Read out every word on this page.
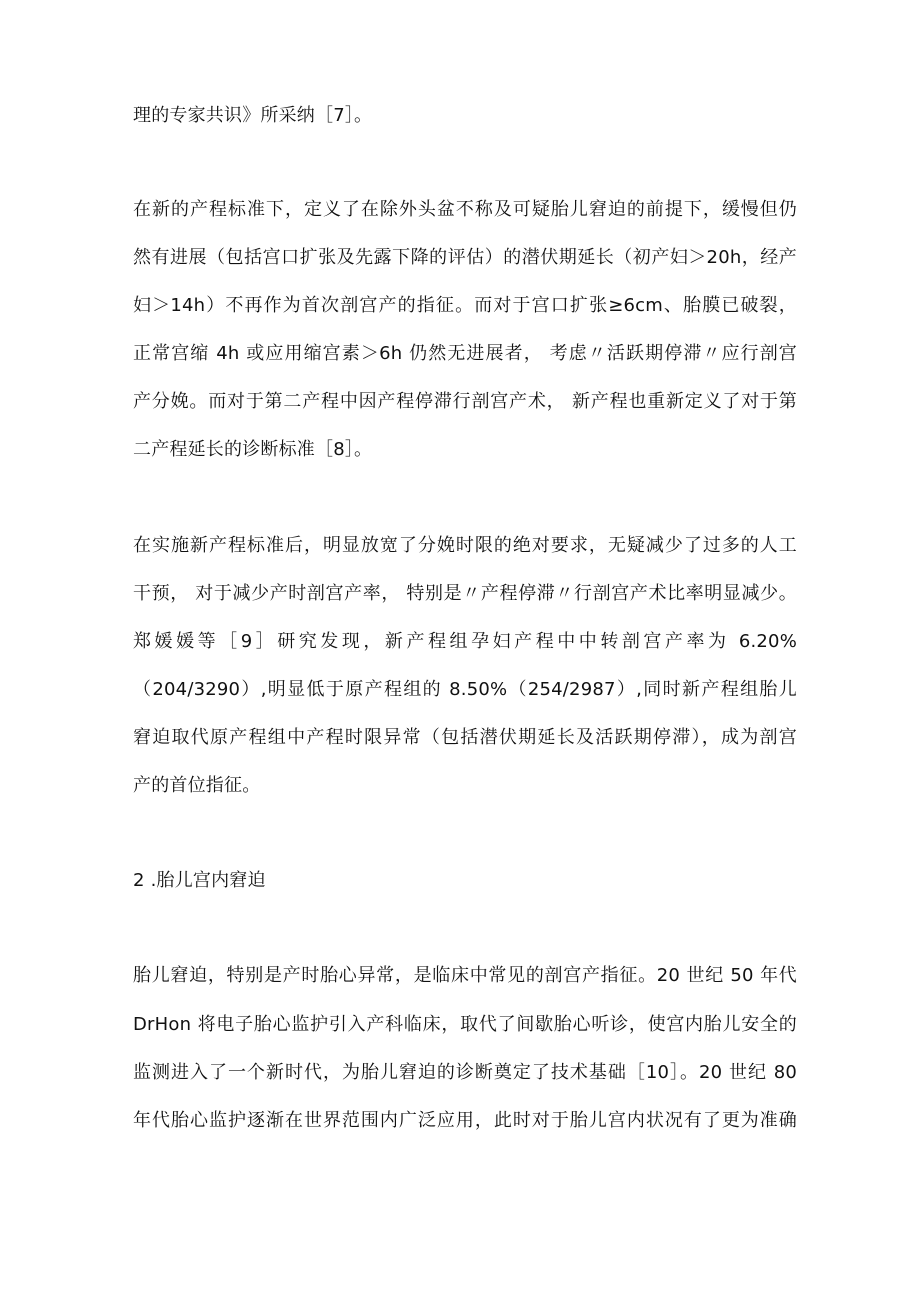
理的专家共识》所采纳［7］。
在新的产程标准下，定义了在除外头盆不称及可疑胎儿窘迫的前提下，缓慢但仍
然有进展（包括宫口扩张及先露下降的评估）的潜伏期延长（初产妇＞20h，经产
妇＞14h）不再作为首次剖宫产的指征。而对于宫口扩张≥6cm、胎膜已破裂，
正常宫缩 4h 或应用缩宫素＞6h 仍然无进展者， 考虑〃活跃期停滞〃应行剖宫
产分娩。而对于第二产程中因产程停滞行剖宫产术， 新产程也重新定义了对于第
二产程延长的诊断标准［8］。
在实施新产程标准后，明显放宽了分娩时限的绝对要求，无疑减少了过多的人工
干预， 对于减少产时剖宫产率， 特别是〃产程停滞〃行剖宫产术比率明显减少。
郑媛媛等［9］研究发现，新产程组孕妇产程中中转剖宫产率为 6.20%
（204/3290）,明显低于原产程组的 8.50%（254/2987）,同时新产程组胎儿
窘迫取代原产程组中产程时限异常（包括潜伏期延长及活跃期停滞），成为剖宫
产的首位指征。
2 .胎儿宫内窘迫
胎儿窘迫，特别是产时胎心异常，是临床中常见的剖宫产指征。20 世纪 50 年代
DrHon 将电子胎心监护引入产科临床，取代了间歇胎心听诊，使宫内胎儿安全的
监测进入了一个新时代，为胎儿窘迫的诊断奠定了技术基础［10］。20 世纪 80
年代胎心监护逐渐在世界范围内广泛应用，此时对于胎儿宫内状况有了更为准确
